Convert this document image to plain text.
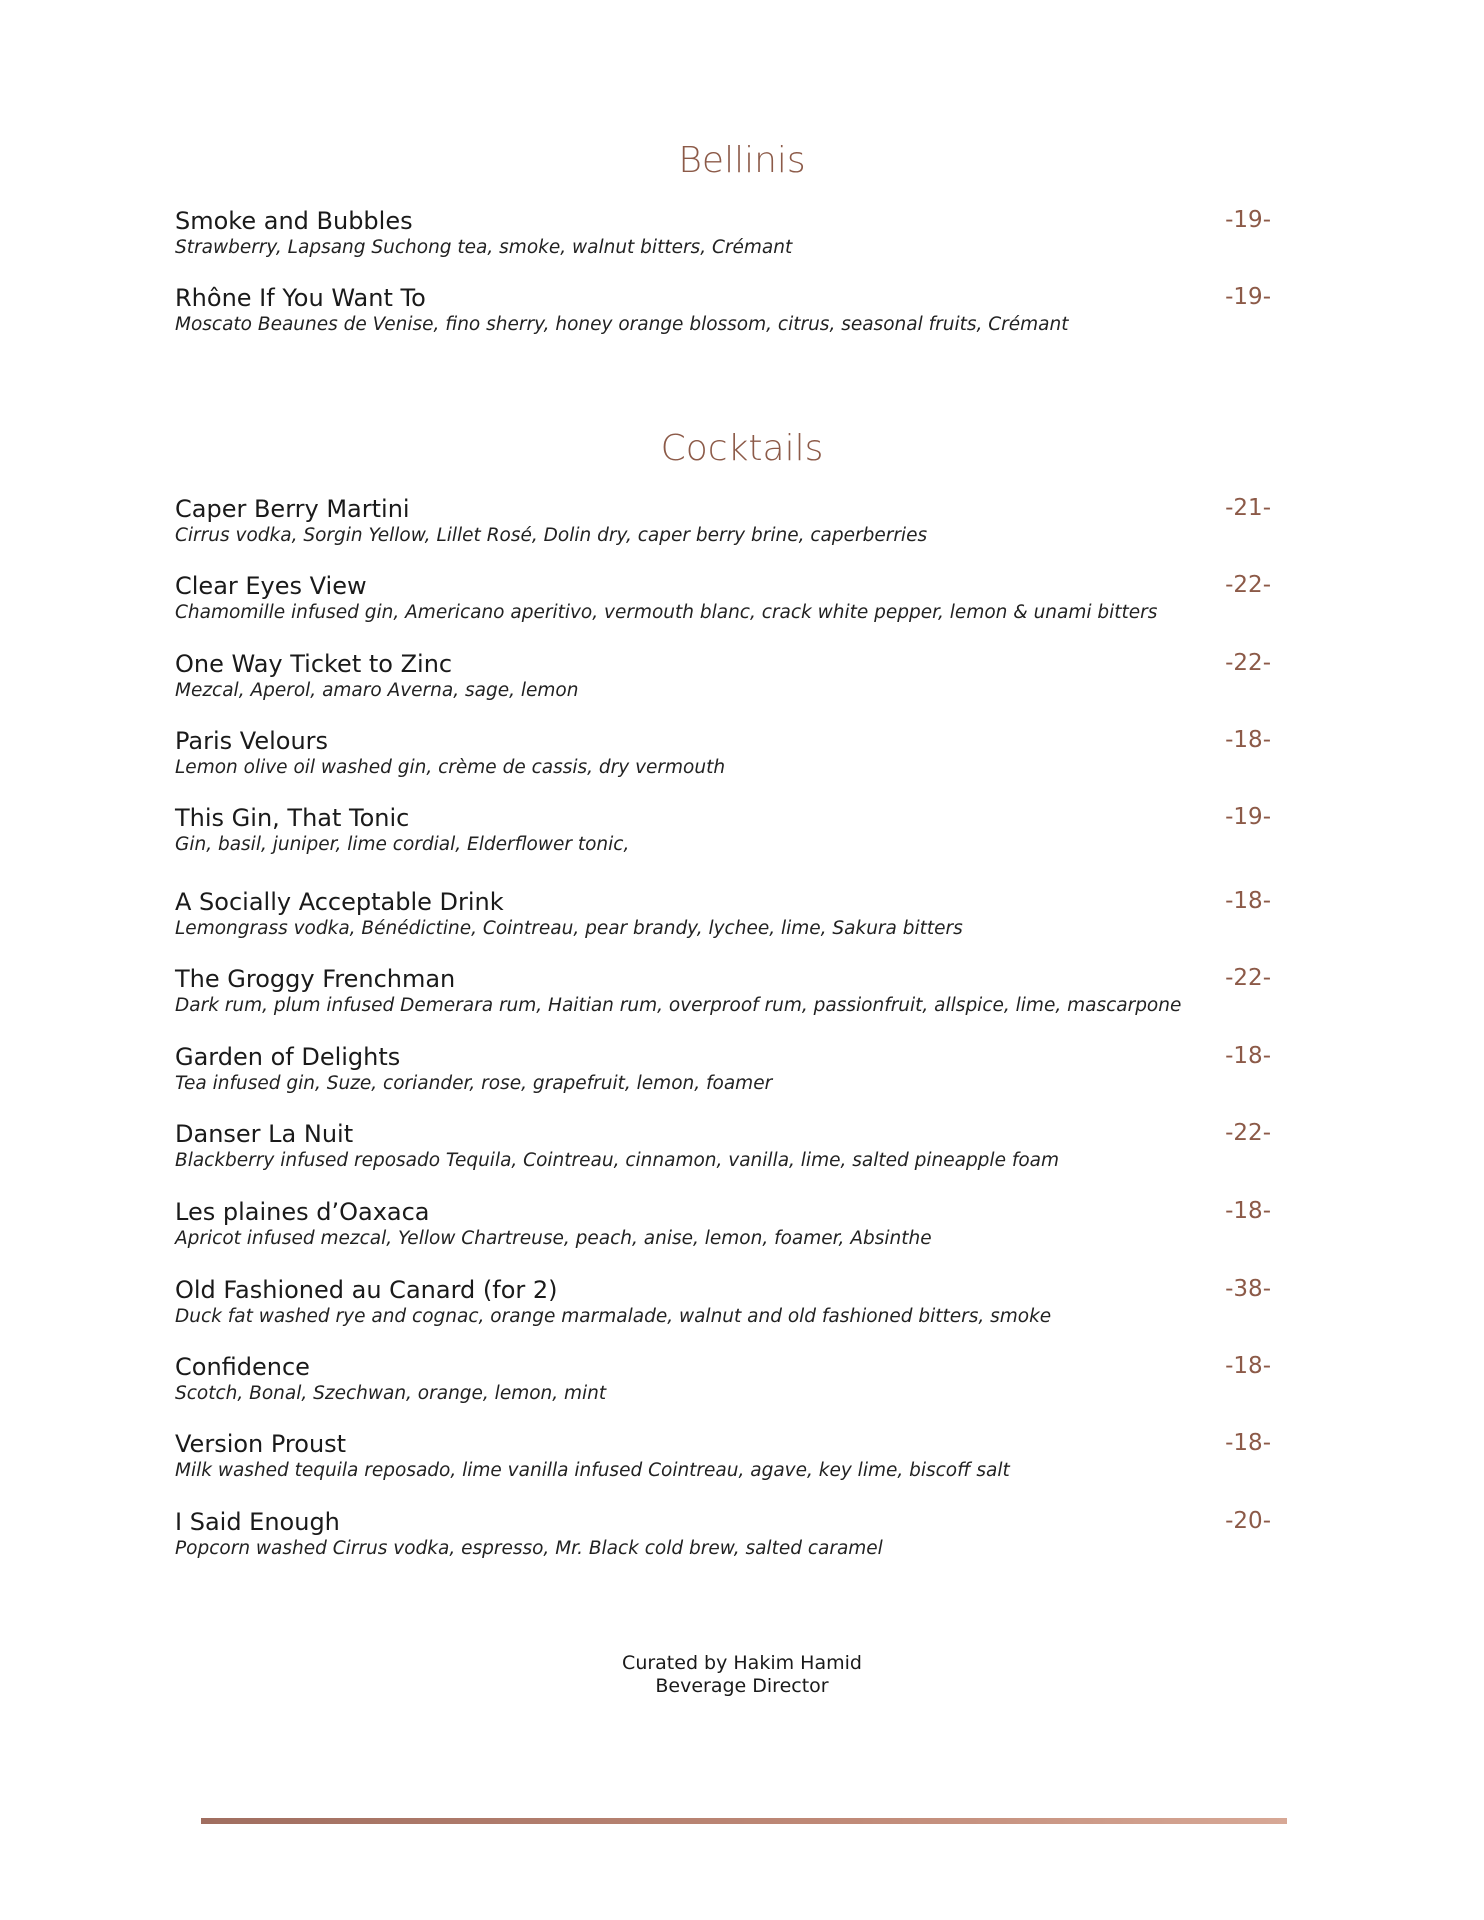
Bellinis
Smoke and Bubbles	-19-
Strawberry, Lapsang Suchong tea, smoke, walnut bitters, Crémant
Rhône If You Want To	-19-
Moscato Beaunes de Venise, fino sherry, honey orange blossom, citrus, seasonal fruits, Crémant
Cocktails
Caper Berry Martini	-21-
Cirrus vodka, Sorgin Yellow, Lillet Rosé, Dolin dry, caper berry brine, caperberries
Clear Eyes View	-22-
Chamomille infused gin, Americano aperitivo, vermouth blanc, crack white pepper, lemon & unami bitters
One Way Ticket to Zinc	-22-
Mezcal, Aperol, amaro Averna, sage, lemon
Paris Velours	-18-
Lemon olive oil washed gin, crème de cassis, dry vermouth
This Gin, That Tonic	-19-
Gin, basil, juniper, lime cordial, Elderflower tonic,
A Socially Acceptable Drink	-18-
Lemongrass vodka, Bénédictine, Cointreau, pear brandy, lychee, lime, Sakura bitters
The Groggy Frenchman	-22-
Dark rum, plum infused Demerara rum, Haitian rum, overproof rum, passionfruit, allspice, lime, mascarpone
Garden of Delights	-18-
Tea infused gin, Suze, coriander, rose, grapefruit, lemon, foamer
Danser La Nuit	-22-
Blackberry infused reposado Tequila, Cointreau, cinnamon, vanilla, lime, salted pineapple foam
Les plaines d’Oaxaca	-18-
Apricot infused mezcal, Yellow Chartreuse, peach, anise, lemon, foamer, Absinthe
Old Fashioned au Canard (for 2)	-38-
Duck fat washed rye and cognac, orange marmalade, walnut and old fashioned bitters, smoke
Confidence	-18-
Scotch, Bonal, Szechwan, orange, lemon, mint
Version Proust	-18-
Milk washed tequila reposado, lime vanilla infused Cointreau, agave, key lime, biscoff salt
I Said Enough	-20-
Popcorn washed Cirrus vodka, espresso, Mr. Black cold brew, salted caramel
Curated by Hakim Hamid
Beverage Director
